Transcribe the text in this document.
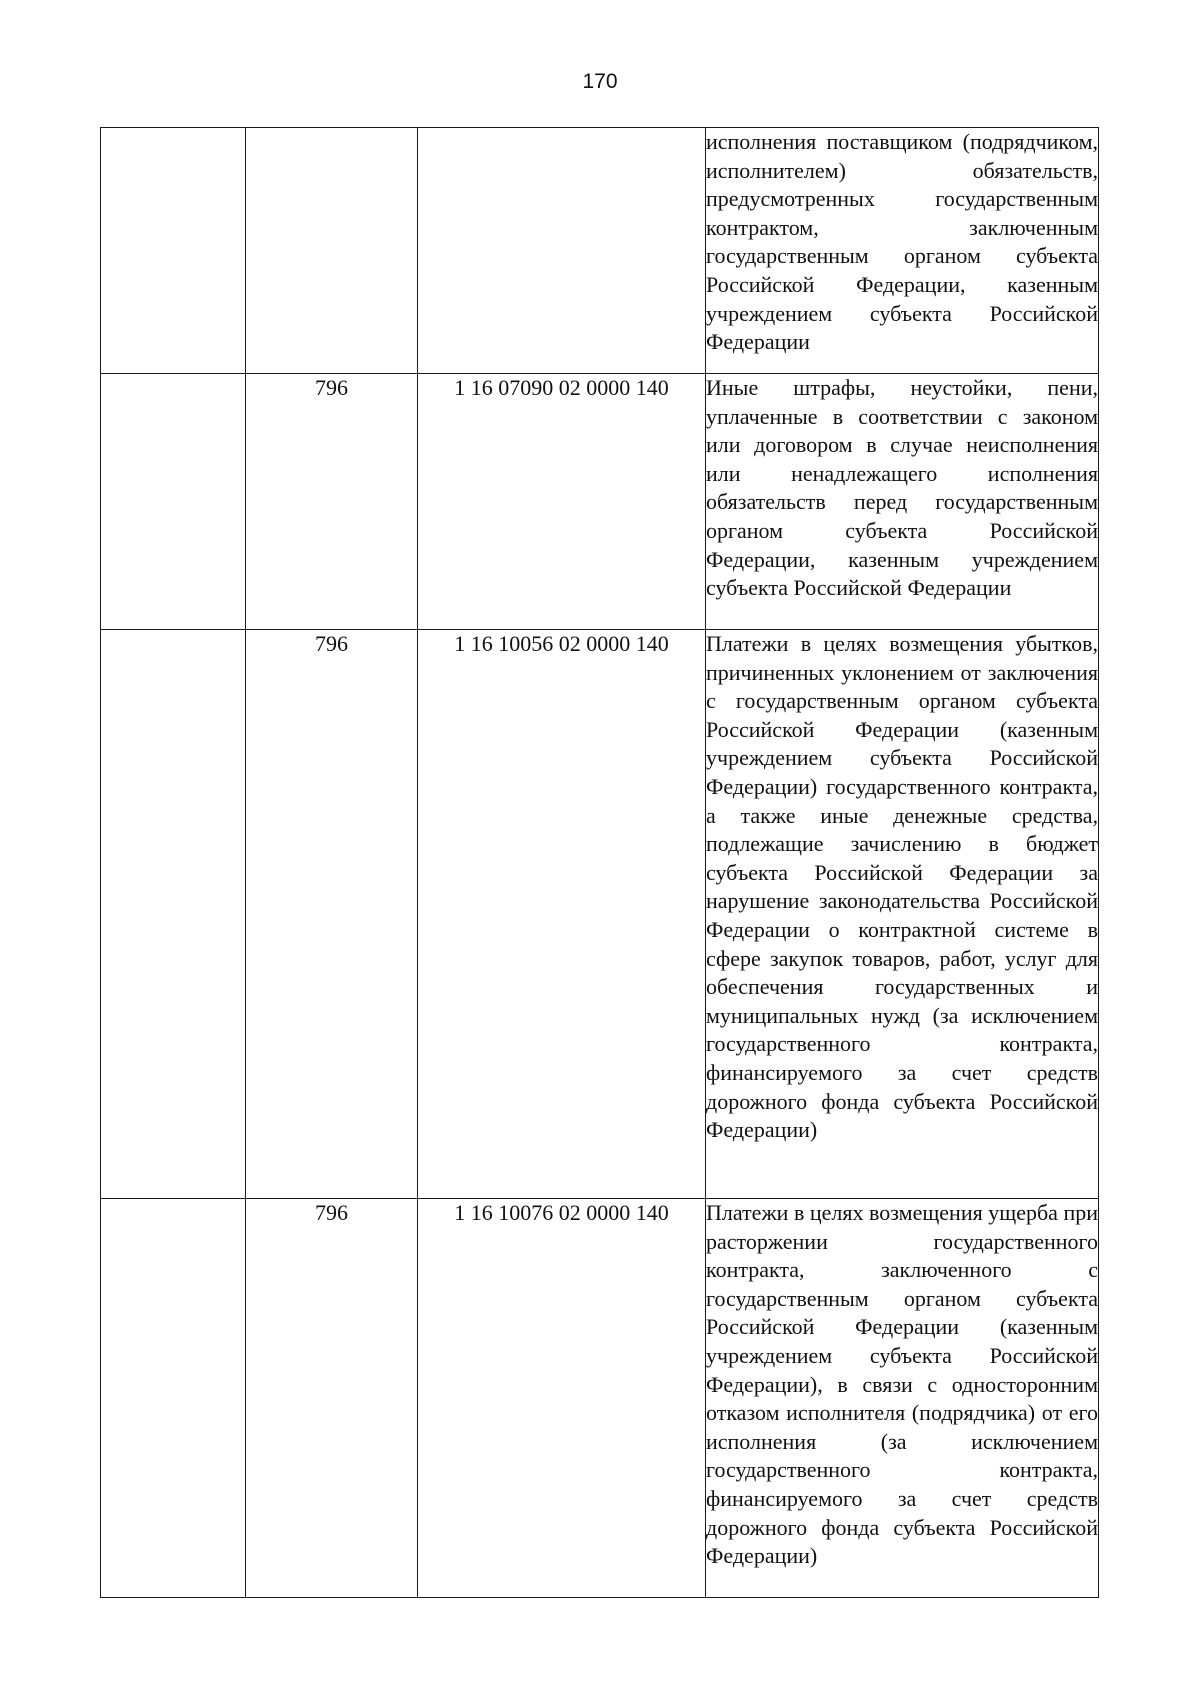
170
			исполнения поставщиком (подрядчиком, исполнителем) обязательств, предусмотренных государственным контрактом, заключенным государственным органом субъекта Российской Федерации, казенным учреждением субъекта Российской Федерации
	796	1 16 07090 02 0000 140	Иные штрафы, неустойки, пени, уплаченные в соответствии с законом или договором в случае неисполнения или ненадлежащего исполнения обязательств перед государственным органом субъекта Российской Федерации, казенным учреждением субъекта Российской Федерации
	796	1 16 10056 02 0000 140	Платежи в целях возмещения убытков, причиненных уклонением от заключения с государственным органом субъекта Российской Федерации (казенным учреждением субъекта Российской Федерации) государственного контракта, а также иные денежные средства, подлежащие зачислению в бюджет субъекта Российской Федерации за нарушение законодательства Российской Федерации о контрактной системе в сфере закупок товаров, работ, услуг для обеспечения государственных и муниципальных нужд (за исключением государственного контракта, финансируемого за счет средств дорожного фонда субъекта Российской Федерации)
	796	1 16 10076 02 0000 140	Платежи в целях возмещения ущерба при расторжении государственного контракта, заключенного с государственным органом субъекта Российской Федерации (казенным учреждением субъекта Российской Федерации), в связи с односторонним отказом исполнителя (подрядчика) от его исполнения (за исключением государственного контракта, финансируемого за счет средств дорожного фонда субъекта Российской Федерации)
